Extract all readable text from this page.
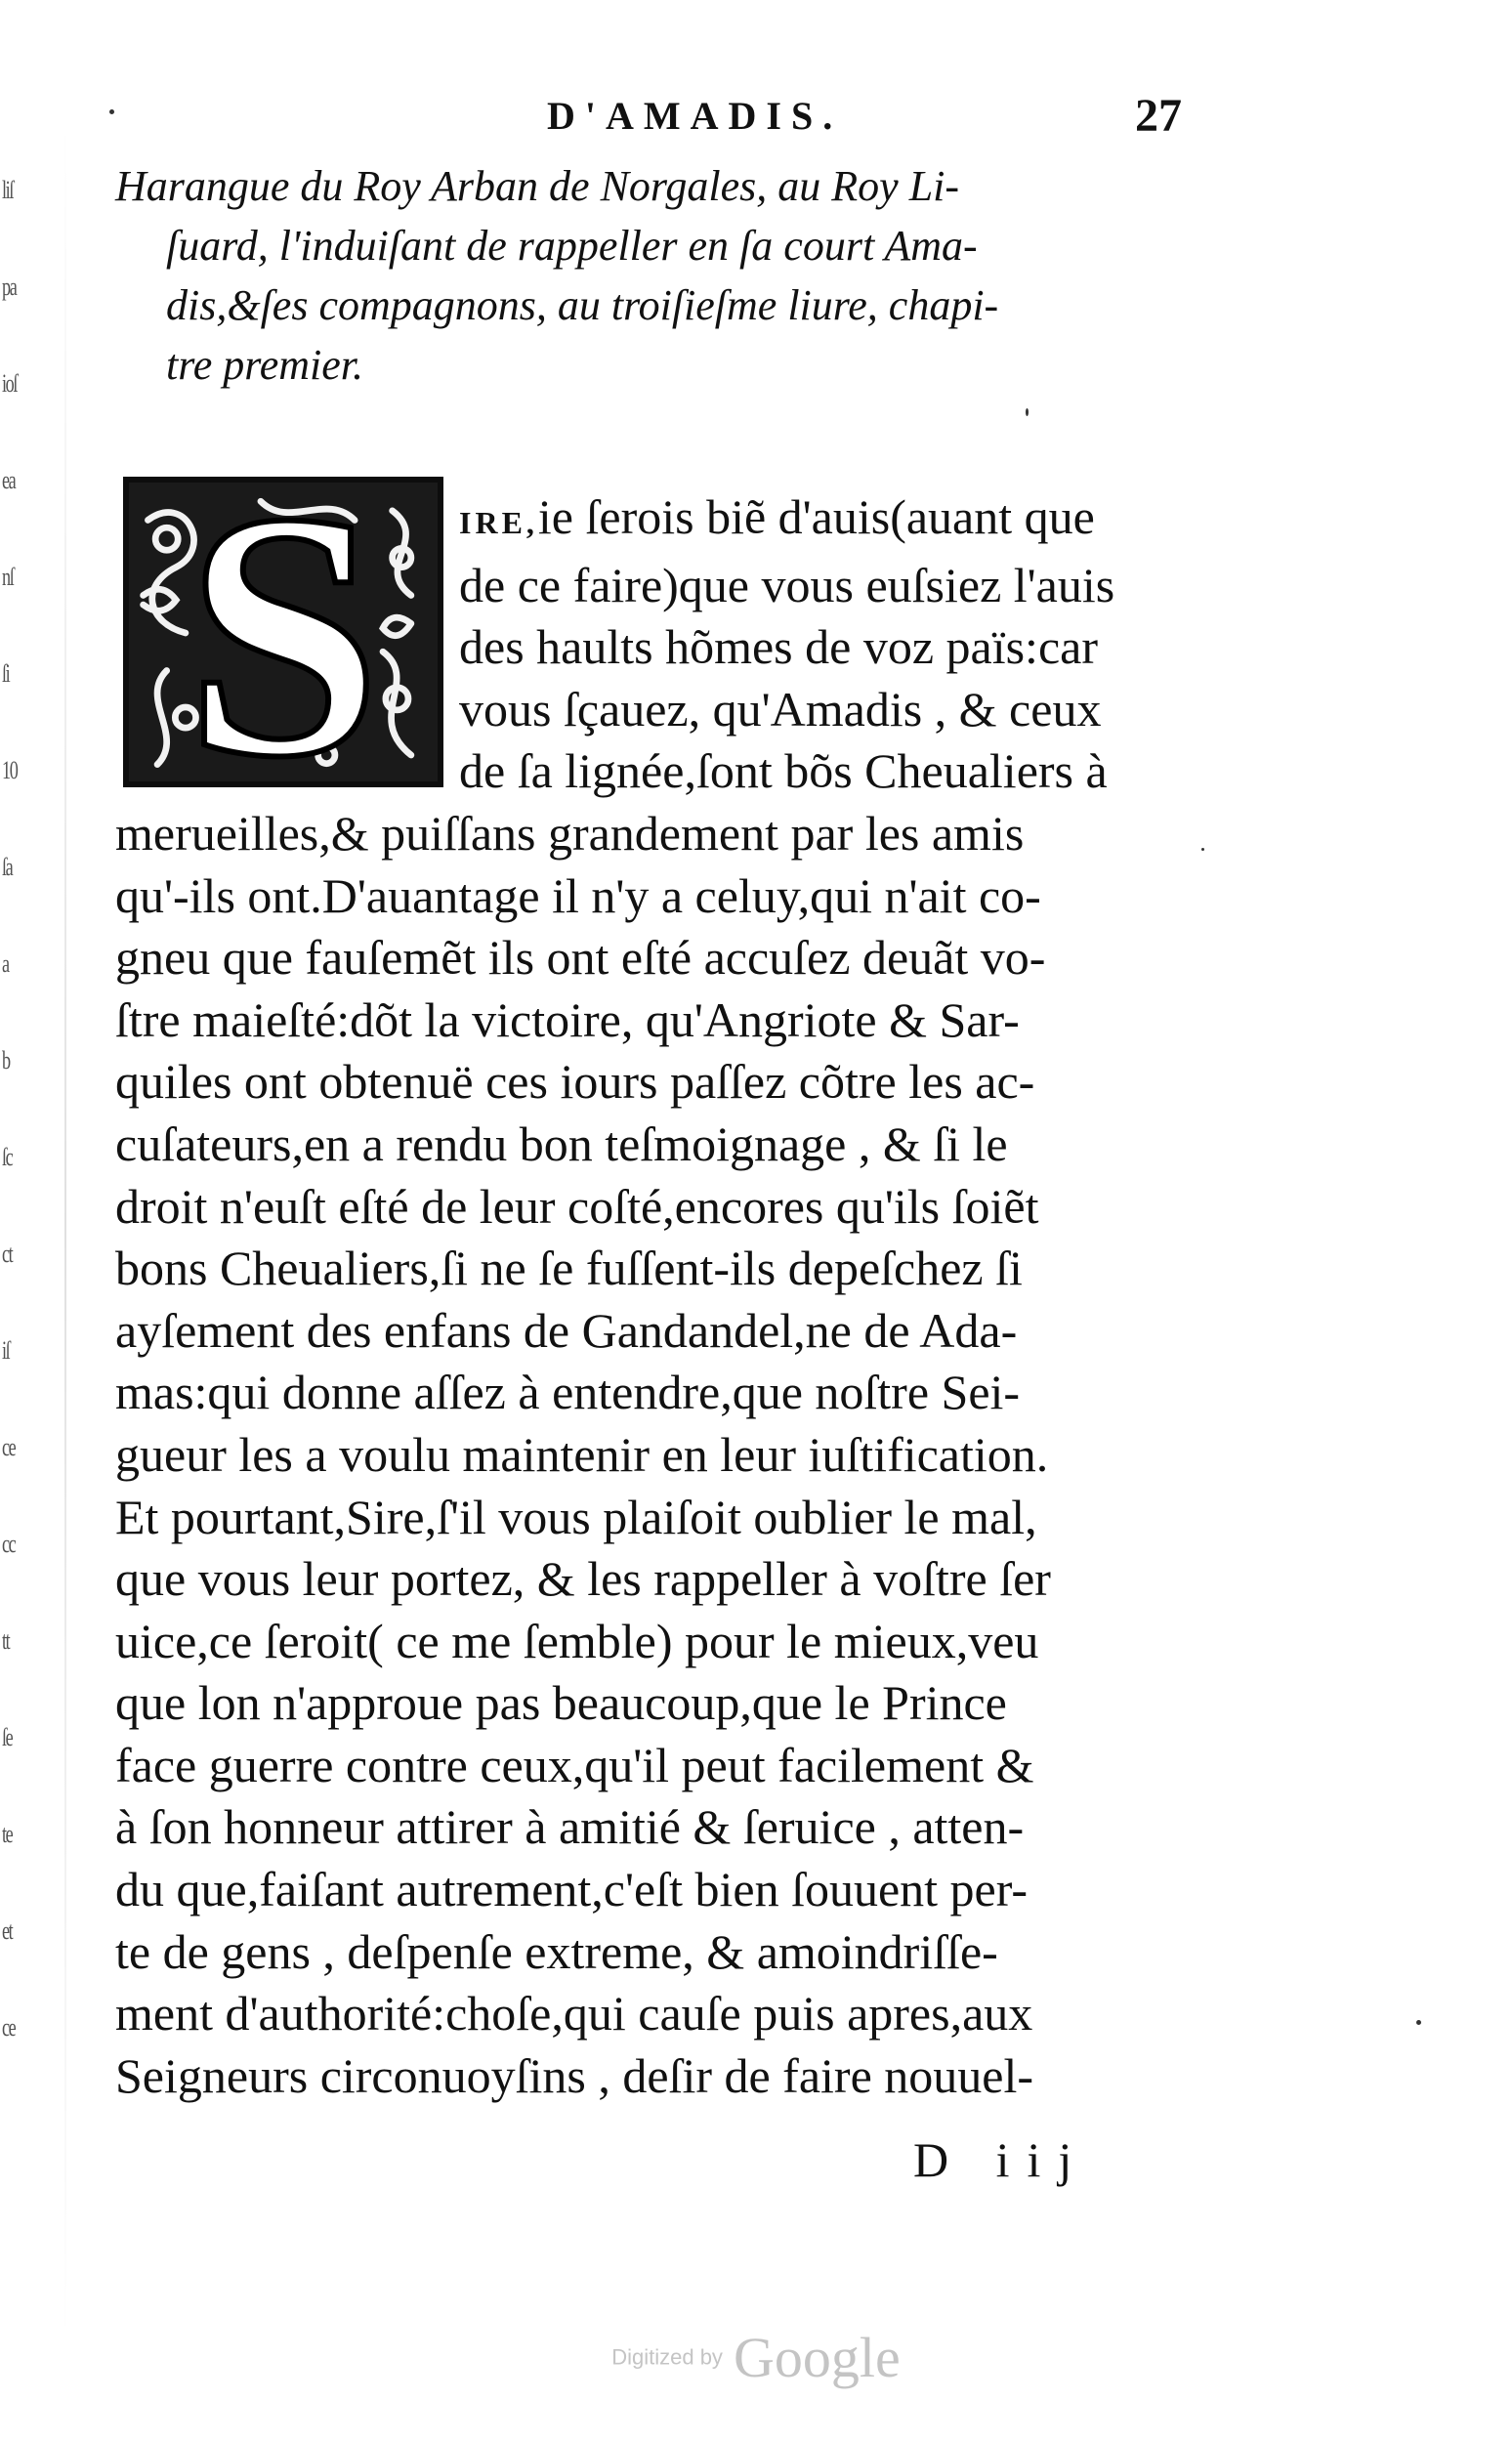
liſ
pa
ioſ
ea
nſ
ſi
10
ſa
a
b
ſc
ct
iſ
ce
cc
tt
ſe
te
et
ce
D'AMADIS.	27
Harangue du Roy Arban de Norgales, au Roy Li-
ſuard, l'induiſant de rappeller en ſa court Ama-
dis,&ſes compagnons, au troiſieſme liure, chapi-
tre premier.
S	IRE,ie ſerois biẽ d'auis(auant que
de ce faire)que vous euſsiez l'auis
des haults hõmes de voz païs:car
vous ſçauez, qu'Amadis , & ceux
de ſa lignée,ſont bõs Cheualiers à
merueilles,& puiſſans grandement par les amis
qu'-ils ont.D'auantage il n'y a celuy,qui n'ait co-
gneu que fauſemẽt ils ont eſté accuſez deuãt vo-
ſtre maieſté:dõt la victoire, qu'Angriote & Sar-
quiles ont obtenuë ces iours paſſez cõtre les ac-
cuſateurs,en a rendu bon teſmoignage , & ſi le
droit n'euſt eſté de leur coſté,encores qu'ils ſoiẽt
bons Cheualiers,ſi ne ſe fuſſent-ils depeſchez ſi
ayſement des enfans de Gandandel,ne de Ada-
mas:qui donne aſſez à entendre,que noſtre Sei-
gueur les a voulu maintenir en leur iuſtification.
Et pourtant,Sire,ſ'il vous plaiſoit oublier le mal,
que vous leur portez, & les rappeller à voſtre ſer
uice,ce ſeroit( ce me ſemble) pour le mieux,veu
que lon n'approue pas beaucoup,que le Prince
face guerre contre ceux,qu'il peut facilement &
à ſon honneur attirer à amitié & ſeruice , atten-
du que,faiſant autrement,c'eſt bien ſouuent per-
te de gens , deſpenſe extreme, & amoindriſſe-
ment d'authorité:choſe,qui cauſe puis apres,aux
Seigneurs circonuoyſins , deſir de faire nouuel-
D iij
Digitized by Google
